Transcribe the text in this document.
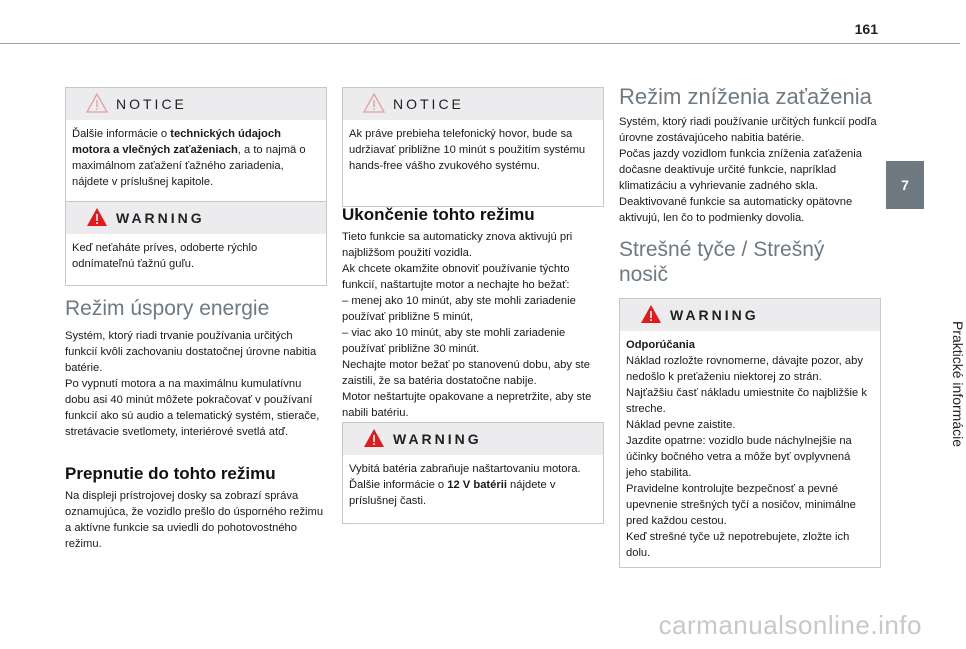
161
7
Praktické informácie
NOTICE
Ďalšie informácie o technických údajoch motora a vlečných zaťaženiach, a to najmä o maximálnom zaťažení ťažného zariadenia, nájdete v príslušnej kapitole.
WARNING
Keď neťaháte príves, odoberte rýchlo odnímateľnú ťažnú guľu.
Režim úspory energie
Systém, ktorý riadi trvanie používania určitých funkcií kvôli zachovaniu dostatočnej úrovne nabitia batérie.
Po vypnutí motora a na maximálnu kumulatívnu dobu asi 40 minút môžete pokračovať v používaní funkcií ako sú audio a telematický systém, stierače, stretávacie svetlomety, interiérové svetlá atď.
Prepnutie do tohto režimu
Na displeji prístrojovej dosky sa zobrazí správa oznamujúca, že vozidlo prešlo do úsporného režimu a aktívne funkcie sa uviedli do pohotovostného režimu.
NOTICE
Ak práve prebieha telefonický hovor, bude sa udržiavať približne 10 minút s použitím systému hands-free vášho zvukového systému.
Ukončenie tohto režimu
Tieto funkcie sa automaticky znova aktivujú pri najbližšom použití vozidla.
Ak chcete okamžite obnoviť používanie týchto funkcií, naštartujte motor a nechajte ho bežať:
– menej ako 10 minút, aby ste mohli zariadenie používať približne 5 minút,
– viac ako 10 minút, aby ste mohli zariadenie používať približne 30 minút.
Nechajte motor bežať po stanovenú dobu, aby ste zaistili, že sa batéria dostatočne nabije.
Motor neštartujte opakovane a nepretržite, aby ste nabili batériu.
WARNING
Vybitá batéria zabraňuje naštartovaniu motora.
Ďalšie informácie o 12 V batérii nájdete v príslušnej časti.
Režim zníženia zaťaženia
Systém, ktorý riadi používanie určitých funkcií podľa úrovne zostávajúceho nabitia batérie.
Počas jazdy vozidlom funkcia zníženia zaťaženia dočasne deaktivuje určité funkcie, napríklad klimatizáciu a vyhrievanie zadného skla.
Deaktivované funkcie sa automaticky opätovne aktivujú, len čo to podmienky dovolia.
Strešné tyče / Strešný nosič
WARNING
Odporúčania
Náklad rozložte rovnomerne, dávajte pozor, aby nedošlo k preťaženiu niektorej zo strán.
Najťažšiu časť nákladu umiestnite čo najbližšie k streche.
Náklad pevne zaistite.
Jazdite opatrne: vozidlo bude náchylnejšie na účinky bočného vetra a môže byť ovplyvnená jeho stabilita.
Pravidelne kontrolujte bezpečnosť a pevné upevnenie strešných tyčí a nosičov, minimálne pred každou cestou.
Keď strešné tyče už nepotrebujete, zložte ich dolu.
carmanualsonline.info
